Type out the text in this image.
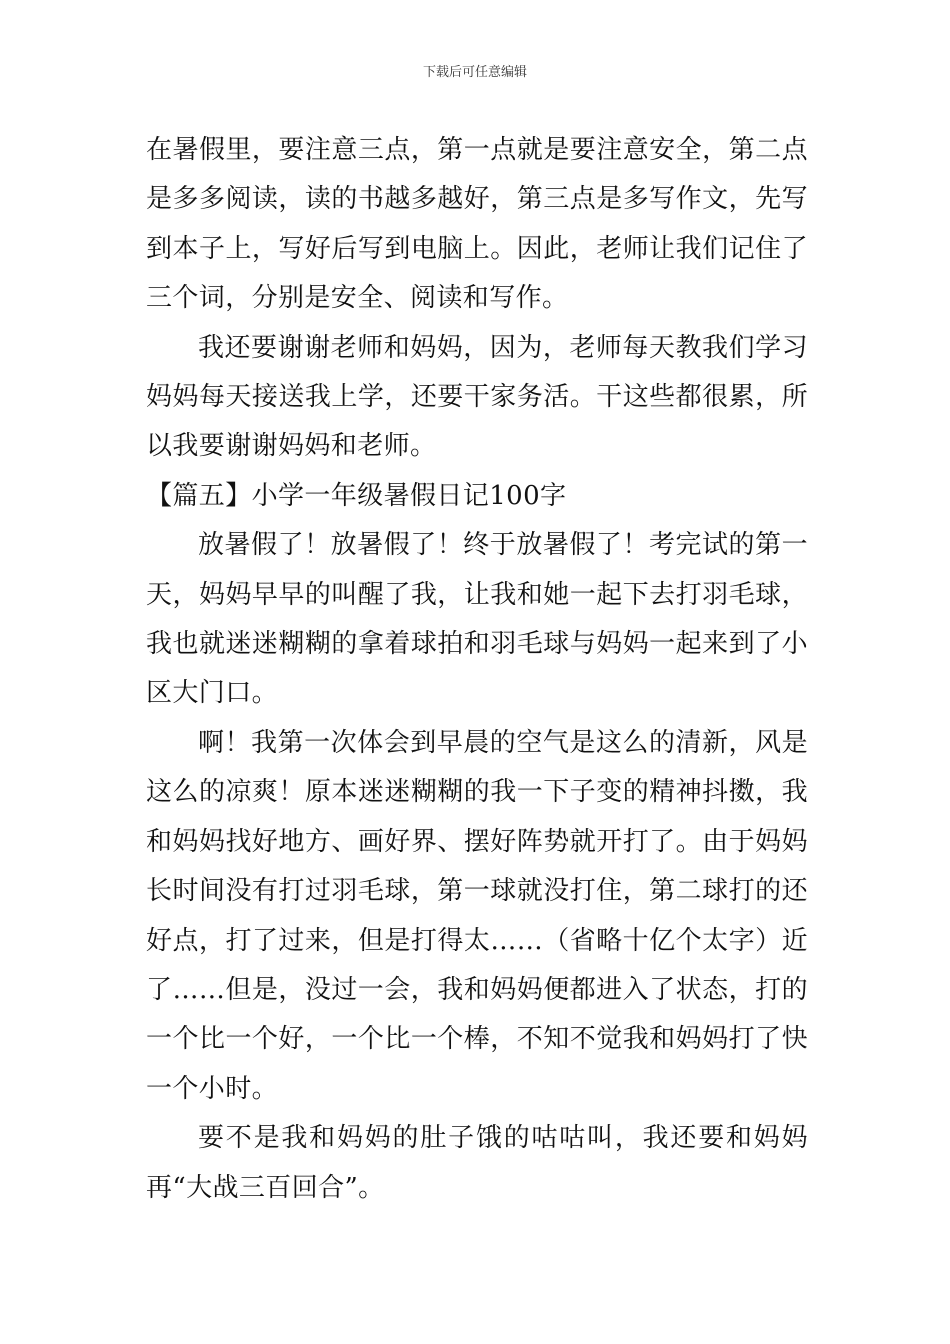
下载后可任意编辑

在暑假里，要注意三点，第一点就是要注意安全，第二点是多多阅读，读的书越多越好，第三点是多写作文，先写到本子上，写好后写到电脑上。因此，老师让我们记住了三个词，分别是安全、阅读和写作。

我还要谢谢老师和妈妈，因为，老师每天教我们学习妈妈每天接送我上学，还要干家务活。干这些都很累，所以我要谢谢妈妈和老师。

【篇五】小学一年级暑假日记100字

放暑假了！放暑假了！终于放暑假了！考完试的第一天，妈妈早早的叫醒了我，让我和她一起下去打羽毛球，我也就迷迷糊糊的拿着球拍和羽毛球与妈妈一起来到了小区大门口。

啊！我第一次体会到早晨的空气是这么的清新，风是这么的凉爽！原本迷迷糊糊的我一下子变的精神抖擞，我和妈妈找好地方、画好界、摆好阵势就开打了。由于妈妈长时间没有打过羽毛球，第一球就没打住，第二球打的还好点，打了过来，但是打得太……（省略十亿个太字）近了……但是，没过一会，我和妈妈便都进入了状态，打的一个比一个好，一个比一个棒，不知不觉我和妈妈打了快一个小时。

要不是我和妈妈的肚子饿的咕咕叫，我还要和妈妈再“大战三百回合”。
